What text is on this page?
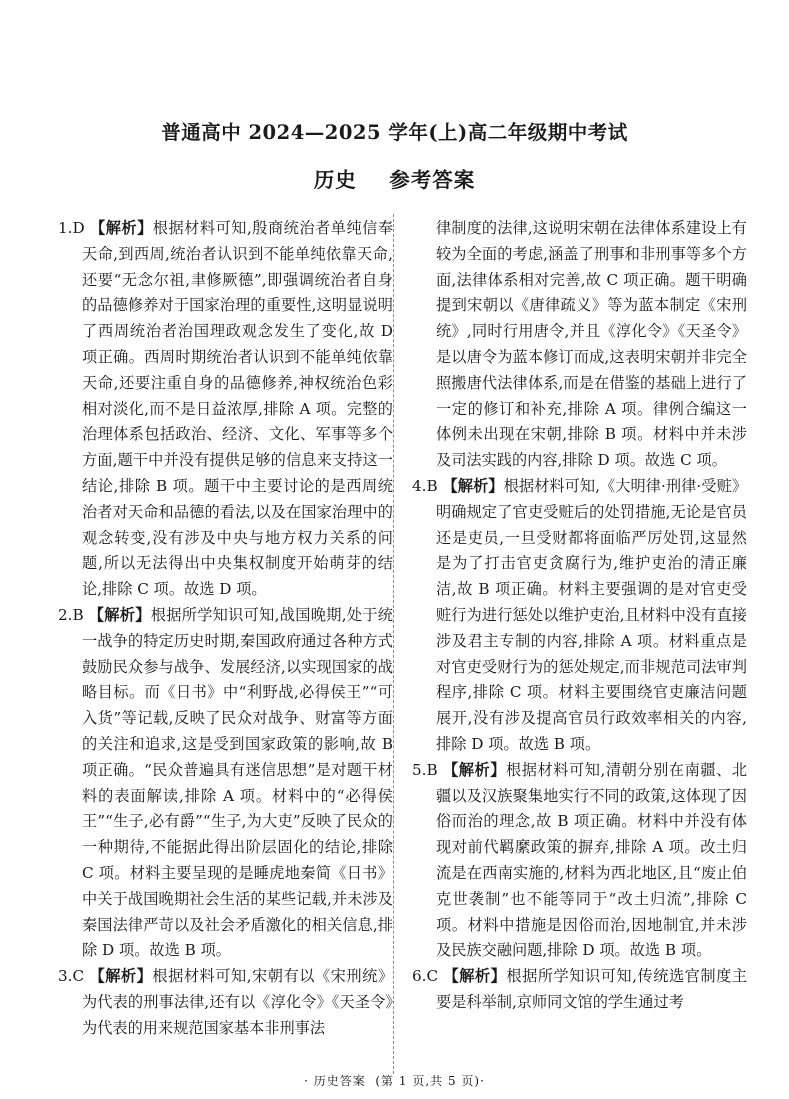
普通高中 2024—2025 学年(上)高二年级期中考试
历史    参考答案

1.D 【解析】根据材料可知,殷商统治者单纯信奉天命,到西周,统治者认识到不能单纯依靠天命,还要“无念尔祖,聿修厥德”,即强调统治者自身的品德修养对于国家治理的重要性,这明显说明了西周统治者治国理政观念发生了变化,故 D 项正确。西周时期统治者认识到不能单纯依靠天命,还要注重自身的品德修养,神权统治色彩相对淡化,而不是日益浓厚,排除 A 项。完整的治理体系包括政治、经济、文化、军事等多个方面,题干中并没有提供足够的信息来支持这一结论,排除 B 项。题干中主要讨论的是西周统治者对天命和品德的看法,以及在国家治理中的观念转变,没有涉及中央与地方权力关系的问题,所以无法得出中央集权制度开始萌芽的结论,排除 C 项。故选 D 项。

2.B 【解析】根据所学知识可知,战国晚期,处于统一战争的特定历史时期,秦国政府通过各种方式鼓励民众参与战争、发展经济,以实现国家的战略目标。而《日书》中“利野战,必得侯王”“可入货”等记载,反映了民众对战争、财富等方面的关注和追求,这是受到国家政策的影响,故 B 项正确。“民众普遍具有迷信思想”是对题干材料的表面解读,排除 A 项。材料中的“必得侯王”“生子,必有爵”“生子,为大吏”反映了民众的一种期待,不能据此得出阶层固化的结论,排除 C 项。材料主要呈现的是睡虎地秦简《日书》中关于战国晚期社会生活的某些记载,并未涉及秦国法律严苛以及社会矛盾激化的相关信息,排除 D 项。故选 B 项。

3.C 【解析】根据材料可知,宋朝有以《宋刑统》为代表的刑事法律,还有以《淳化令》《天圣令》为代表的用来规范国家基本非刑事法

律制度的法律,这说明宋朝在法律体系建设上有较为全面的考虑,涵盖了刑事和非刑事等多个方面,法律体系相对完善,故 C 项正确。题干明确提到宋朝以《唐律疏义》等为蓝本制定《宋刑统》,同时行用唐令,并且《淳化令》《天圣令》是以唐令为蓝本修订而成,这表明宋朝并非完全照搬唐代法律体系,而是在借鉴的基础上进行了一定的修订和补充,排除 A 项。律例合编这一体例未出现在宋朝,排除 B 项。材料中并未涉及司法实践的内容,排除 D 项。故选 C 项。

4.B 【解析】根据材料可知,《大明律·刑律·受赃》明确规定了官吏受赃后的处罚措施,无论是官员还是吏员,一旦受财都将面临严厉处罚,这显然是为了打击官吏贪腐行为,维护吏治的清正廉洁,故 B 项正确。材料主要强调的是对官吏受赃行为进行惩处以维护吏治,且材料中没有直接涉及君主专制的内容,排除 A 项。材料重点是对官吏受财行为的惩处规定,而非规范司法审判程序,排除 C 项。材料主要围绕官吏廉洁问题展开,没有涉及提高官员行政效率相关的内容,排除 D 项。故选 B 项。

5.B 【解析】根据材料可知,清朝分别在南疆、北疆以及汉族聚集地实行不同的政策,这体现了因俗而治的理念,故 B 项正确。材料中并没有体现对前代羁縻政策的摒弃,排除 A 项。改土归流是在西南实施的,材料为西北地区,且“废止伯克世袭制”也不能等同于“改土归流”,排除 C 项。材料中措施是因俗而治,因地制宜,并未涉及民族交融问题,排除 D 项。故选 B 项。

6.C 【解析】根据所学知识可知,传统选官制度主要是科举制,京师同文馆的学生通过考

· 历史答案  (第 1 页,共 5 页)·
